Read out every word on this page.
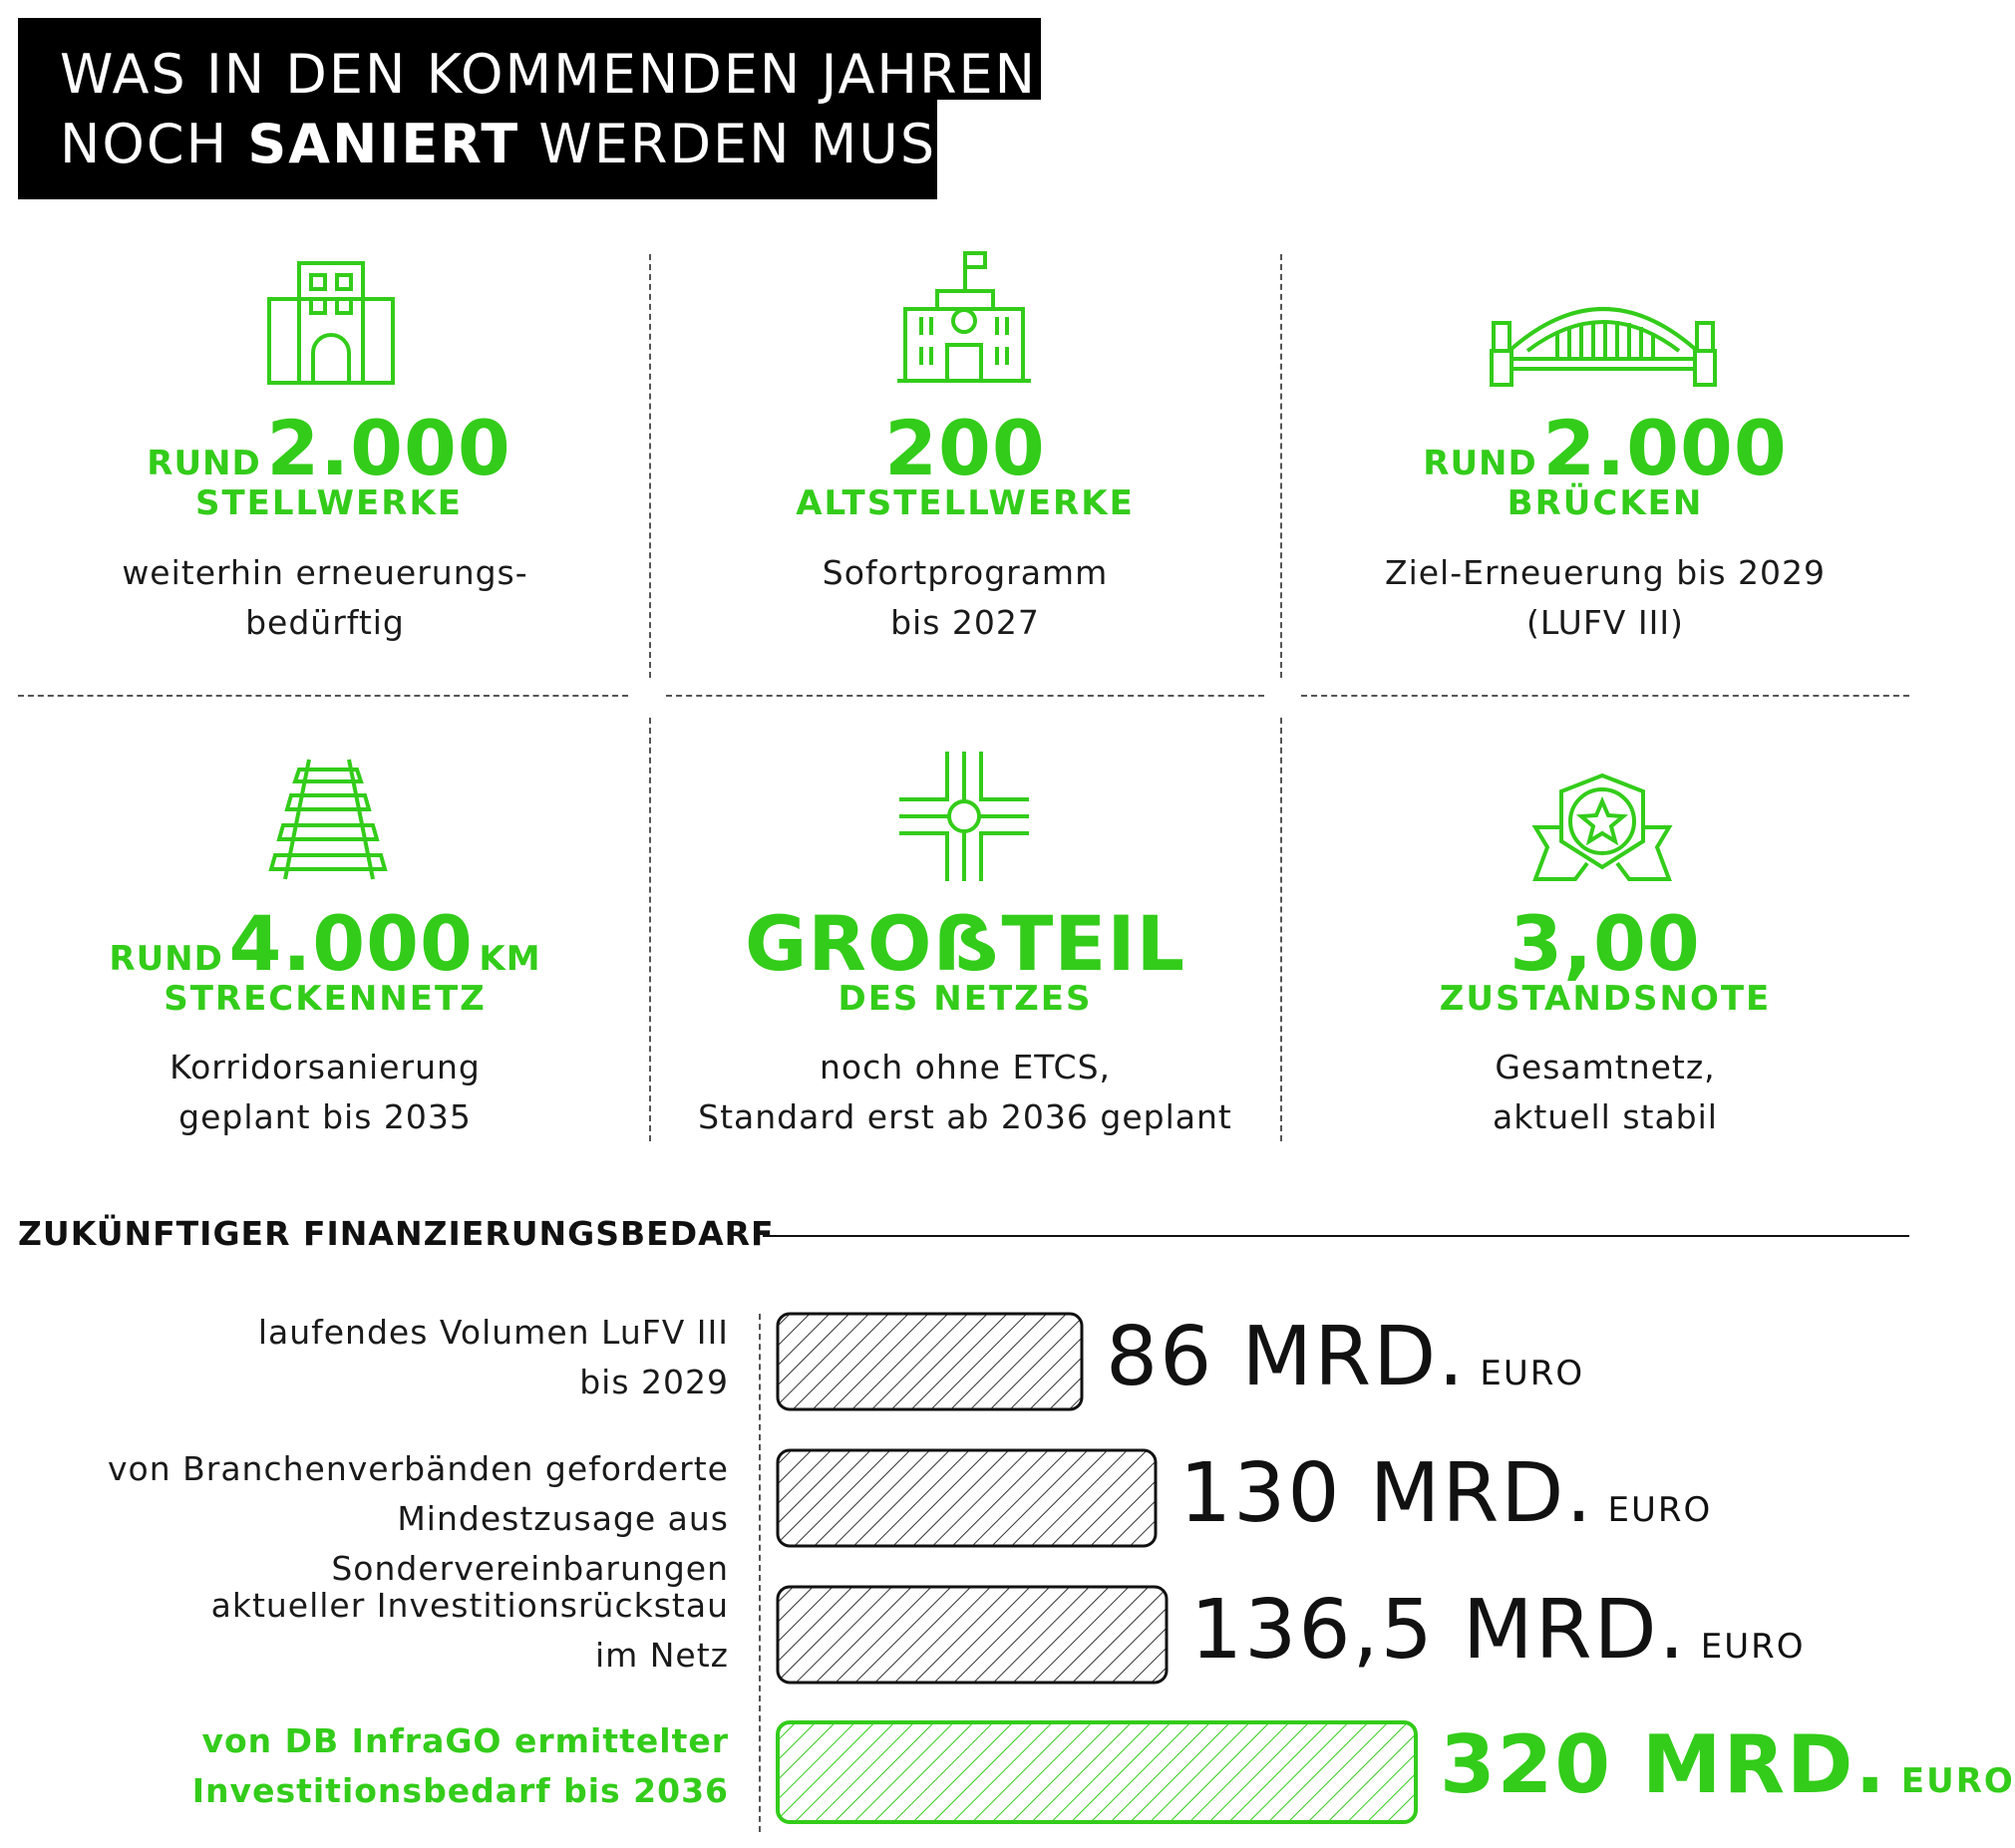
WAS IN DEN KOMMENDEN JAHREN
NOCH SANIERT WERDEN MUSS
RUND 2.000
STELLWERKE
weiterhin erneuerungs-
bedürftig
200
ALTSTELLWERKE
Sofortprogramm
bis 2027
RUND 2.000
BRÜCKEN
Ziel-Erneuerung bis 2029
(LUFV III)
RUND 4.000 KM
STRECKENNETZ
Korridorsanierung
geplant bis 2035
GROẞTEIL
DES NETZES
noch ohne ETCS,
Standard erst ab 2036 geplant
3,00
ZUSTANDSNOTE
Gesamtnetz,
aktuell stabil
ZUKÜNFTIGER FINANZIERUNGSBEDARF
laufendes Volumen LuFV III
bis 2029
von Branchenverbänden geforderte
Mindestzusage aus Sondervereinbarungen
aktueller Investitionsrückstau
im Netz
von DB InfraGO ermittelter
Investitionsbedarf bis 2036
86 MRD. EURO
130 MRD. EURO
136,5 MRD. EURO
320 MRD. EURO
